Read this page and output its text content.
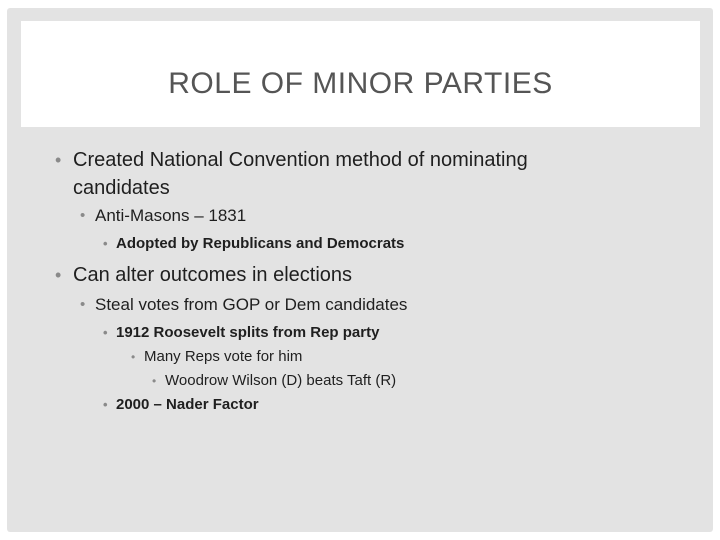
ROLE OF MINOR PARTIES
• Created National Convention method of nominating
candidates
• Anti-Masons – 1831
• Adopted by Republicans and Democrats
• Can alter outcomes in elections
• Steal votes from GOP or Dem candidates
• 1912 Roosevelt splits from Rep party
• Many Reps vote for him
• Woodrow Wilson (D) beats Taft (R)
• 2000 – Nader Factor
